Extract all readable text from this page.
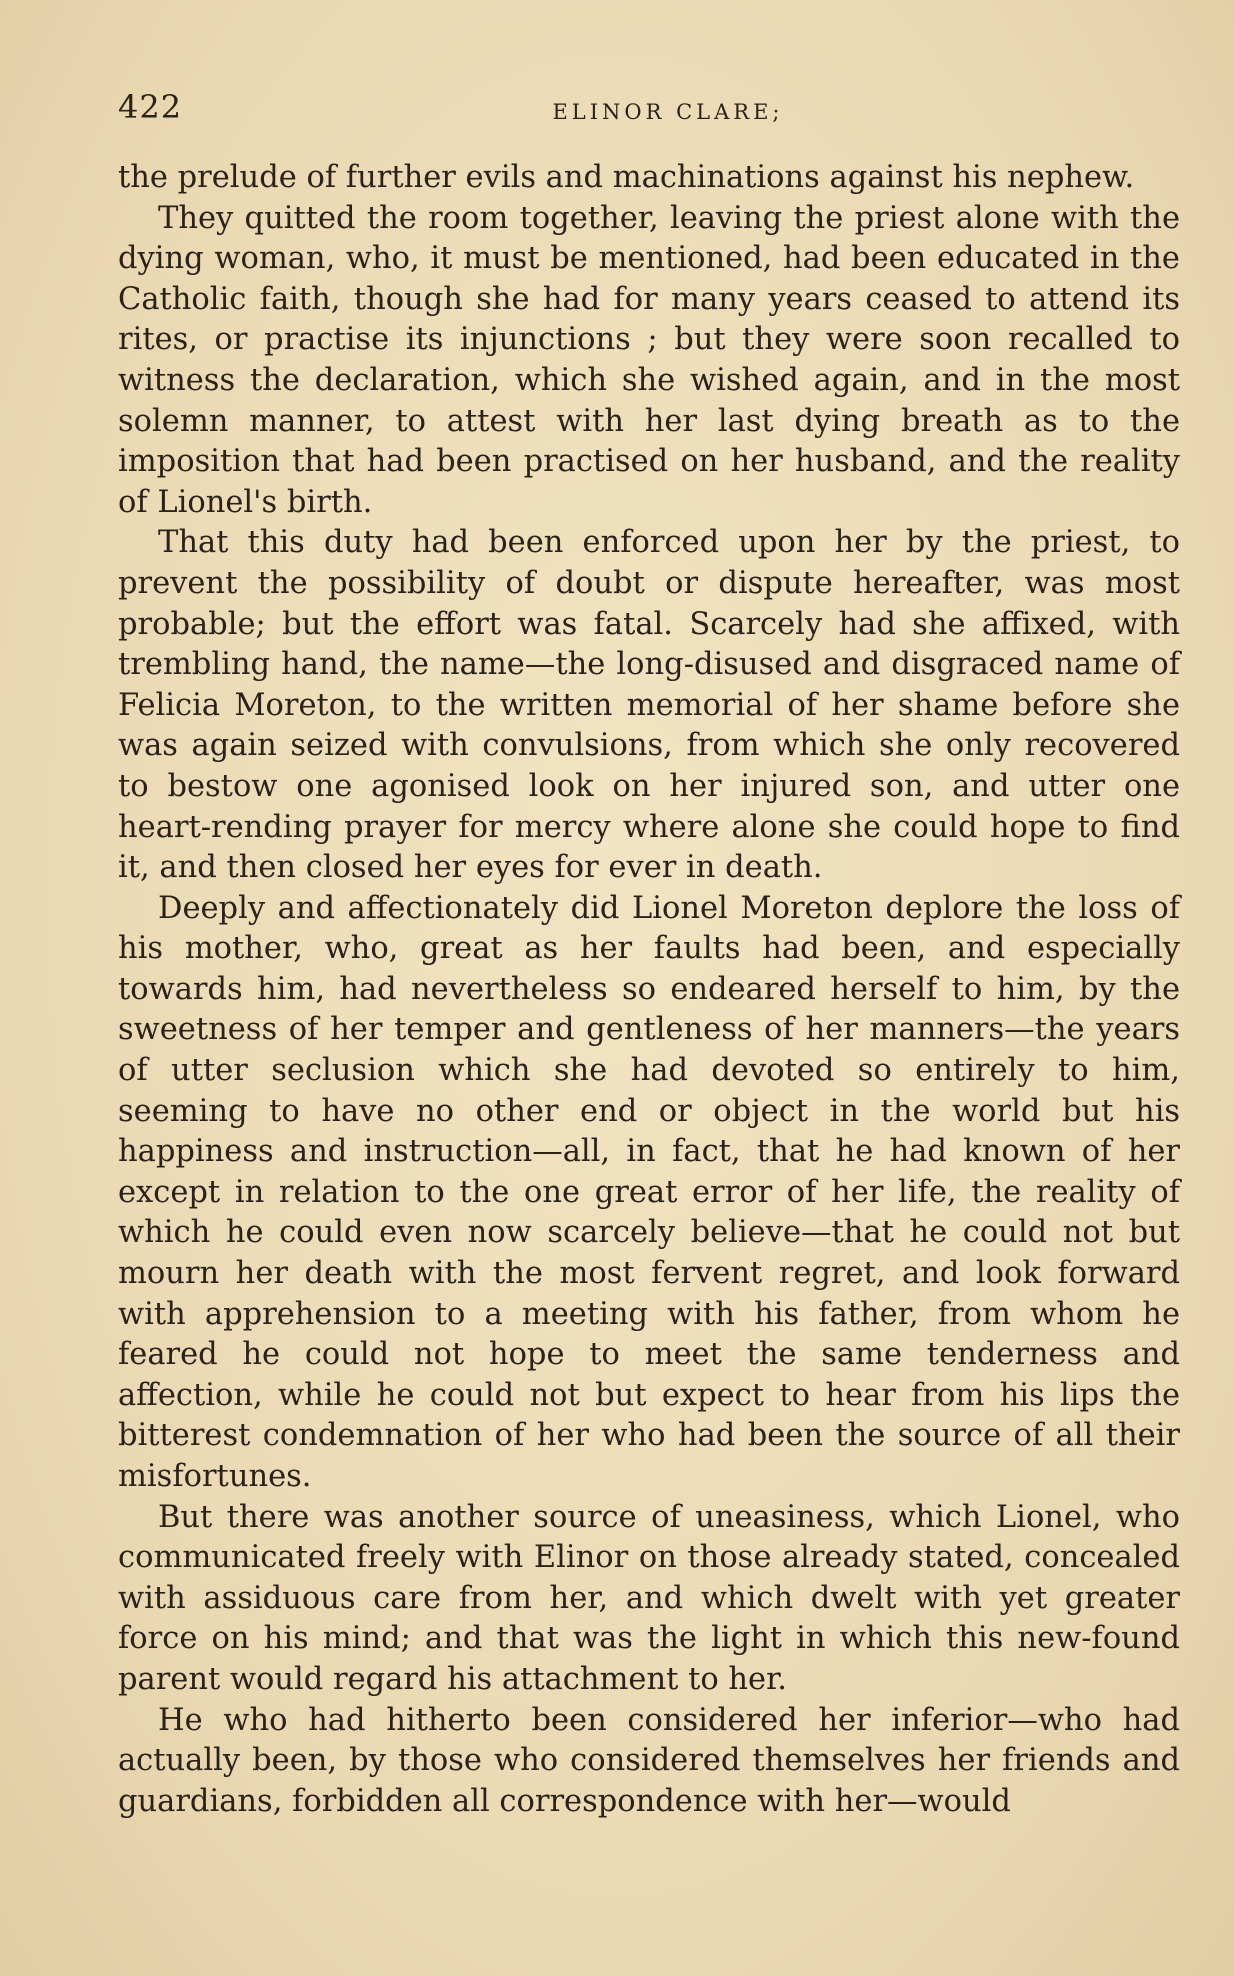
422	ELINOR CLARE;

the prelude of further evils and machinations against his nephew.

They quitted the room together, leaving the priest alone with the dying woman, who, it must be mentioned, had been educated in the Catholic faith, though she had for many years ceased to attend its rites, or practise its injunctions ; but they were soon recalled to witness the declaration, which she wished again, and in the most solemn manner, to attest with her last dying breath as to the imposition that had been practised on her husband, and the reality of Lionel's birth.

That this duty had been enforced upon her by the priest, to prevent the possibility of doubt or dispute hereafter, was most probable; but the effort was fatal. Scarcely had she affixed, with trembling hand, the name—the long-disused and disgraced name of Felicia Moreton, to the written memorial of her shame before she was again seized with convulsions, from which she only recovered to bestow one agonised look on her injured son, and utter one heart-rending prayer for mercy where alone she could hope to find it, and then closed her eyes for ever in death.

Deeply and affectionately did Lionel Moreton deplore the loss of his mother, who, great as her faults had been, and especially towards him, had nevertheless so endeared herself to him, by the sweetness of her temper and gentleness of her manners—the years of utter seclusion which she had devoted so entirely to him, seeming to have no other end or object in the world but his happiness and instruction—all, in fact, that he had known of her except in relation to the one great error of her life, the reality of which he could even now scarcely believe—that he could not but mourn her death with the most fervent regret, and look forward with apprehension to a meeting with his father, from whom he feared he could not hope to meet the same tenderness and affection, while he could not but expect to hear from his lips the bitterest condemnation of her who had been the source of all their misfortunes.

But there was another source of uneasiness, which Lionel, who communicated freely with Elinor on those already stated, concealed with assiduous care from her, and which dwelt with yet greater force on his mind; and that was the light in which this new-found parent would regard his attachment to her.

He who had hitherto been considered her inferior—who had actually been, by those who considered themselves her friends and guardians, forbidden all correspondence with her—would
